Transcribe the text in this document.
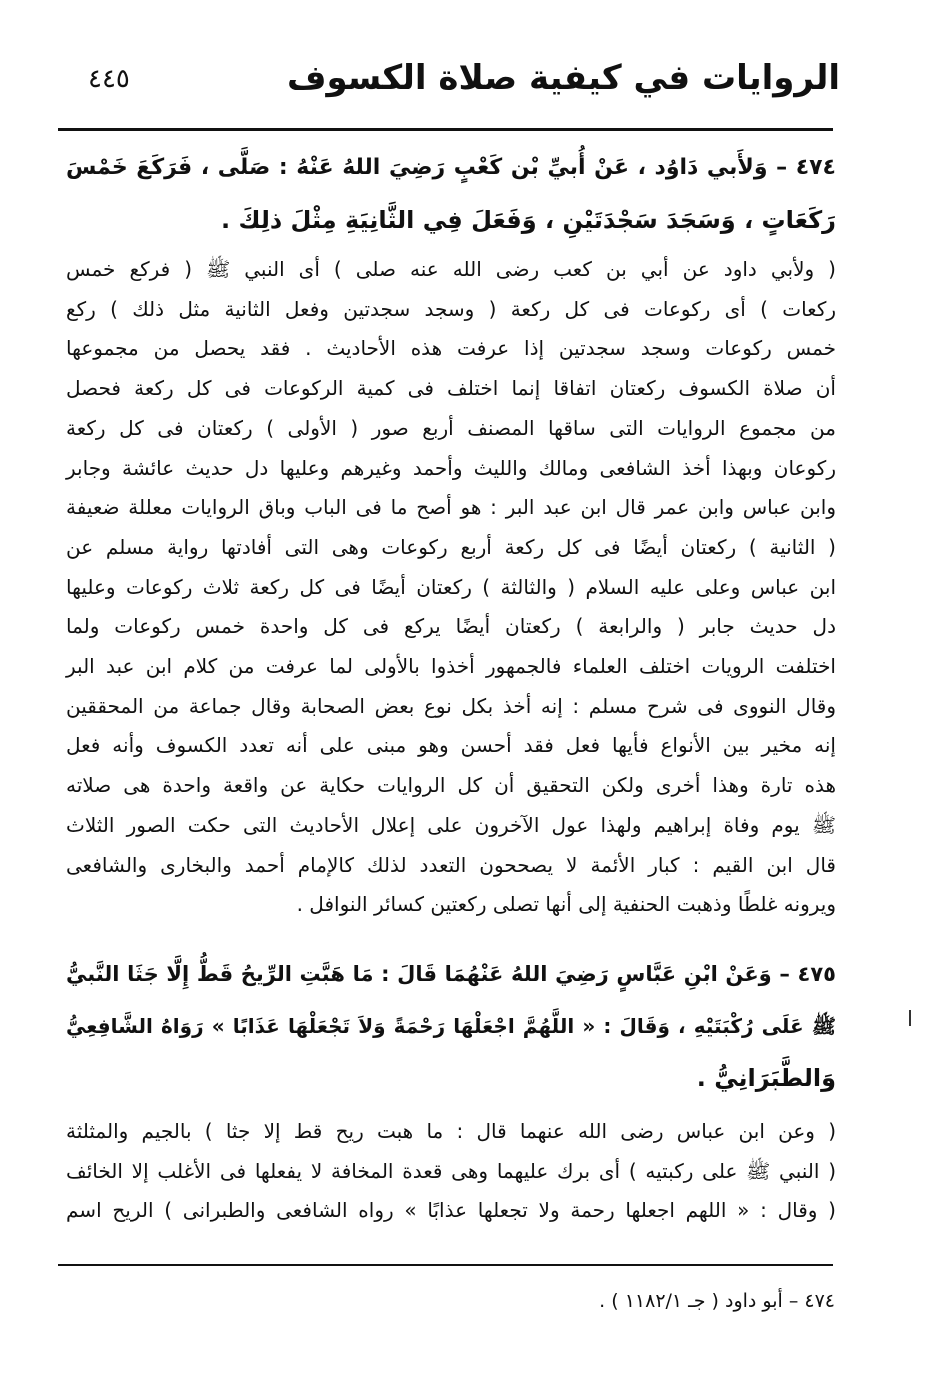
٤٤٥	الروايات في كيفية صلاة الكسوف
٤٧٤ – وَلأَبي دَاوُد ، عَنْ أُبيِّ بْن كَعْبٍ رَضِيَ اللهُ عَنْهُ : صَلَّى ، فَرَكَعَ خَمْسَ
رَكَعَاتٍ ، وَسَجَدَ سَجْدَتَيْنِ ، وَفَعَلَ فِي الثَّانِيَةِ مِثْلَ ذلِكَ .
( ولأبي داود عن أبي بن كعب رضى الله عنه صلى ) أى النبي ﷺ ( فركع خمس
ركعات ) أى ركوعات فى كل ركعة ( وسجد سجدتين وفعل الثانية مثل ذلك ) ركع
خمس ركوعات وسجد سجدتين إذا عرفت هذه الأحاديث . فقد يحصل من مجموعها
أن صلاة الكسوف ركعتان اتفاقا إنما اختلف فى كمية الركوعات فى كل ركعة فحصل
من مجموع الروايات التى ساقها المصنف أربع صور ( الأولى ) ركعتان فى كل ركعة
ركوعان وبهذا أخذ الشافعى ومالك والليث وأحمد وغيرهم وعليها دل حديث عائشة وجابر
وابن عباس وابن عمر قال ابن عبد البر : هو أصح ما فى الباب وباق الروايات معللة ضعيفة
( الثانية ) ركعتان أيضًا فى كل ركعة أربع ركوعات وهى التى أفادتها رواية مسلم عن
ابن عباس وعلى عليه السلام ( والثالثة ) ركعتان أيضًا فى كل ركعة ثلاث ركوعات وعليها
دل حديث جابر ( والرابعة ) ركعتان أيضًا يركع فى كل واحدة خمس ركوعات ولما
اختلفت الرويات اختلف العلماء فالجمهور أخذوا بالأولى لما عرفت من كلام ابن عبد البر
وقال النووى فى شرح مسلم : إنه أخذ بكل نوع بعض الصحابة وقال جماعة من المحققين
إنه مخير بين الأنواع فأيها فعل فقد أحسن وهو مبنى على أنه تعدد الكسوف وأنه فعل
هذه تارة وهذا أخرى ولكن التحقيق أن كل الروايات حكاية عن واقعة واحدة هى صلاته
ﷺ يوم وفاة إبراهيم ولهذا عول الآخرون على إعلال الأحاديث التى حكت الصور الثلاث
قال ابن القيم : كبار الأئمة لا يصححون التعدد لذلك كالإمام أحمد والبخارى والشافعى
ويرونه غلطًا وذهبت الحنفية إلى أنها تصلى ركعتين كسائر النوافل .
٤٧٥ – وَعَنْ ابْنِ عَبَّاسٍ رَضِيَ اللهُ عَنْهُمَا قَالَ : مَا هَبَّتِ الرِّيحُ قَطُّ إِلَّا جَثَا النَّبيُّ
ﷺ عَلَى رُكْبَتَيْهِ ، وَقَالَ : « اللَّهُمَّ اجْعَلْهَا رَحْمَةً وَلاَ تَجْعَلْهَا عَذَابًا » رَوَاهُ الشَّافِعِيُّ
وَالطَّبَرَانِيُّ .
( وعن ابن عباس رضى الله عنهما قال : ما هبت ريح قط إلا جثا ) بالجيم والمثلثة
( النبي ﷺ على ركبتيه ) أى برك عليهما وهى قعدة المخافة لا يفعلها فى الأغلب إلا الخائف
( وقال : « اللهم اجعلها رحمة ولا تجعلها عذابًا » رواه الشافعى والطبرانى ) الريح اسم
٤٧٤ – أبو داود ( جـ ١١٨٢/١ ) .
